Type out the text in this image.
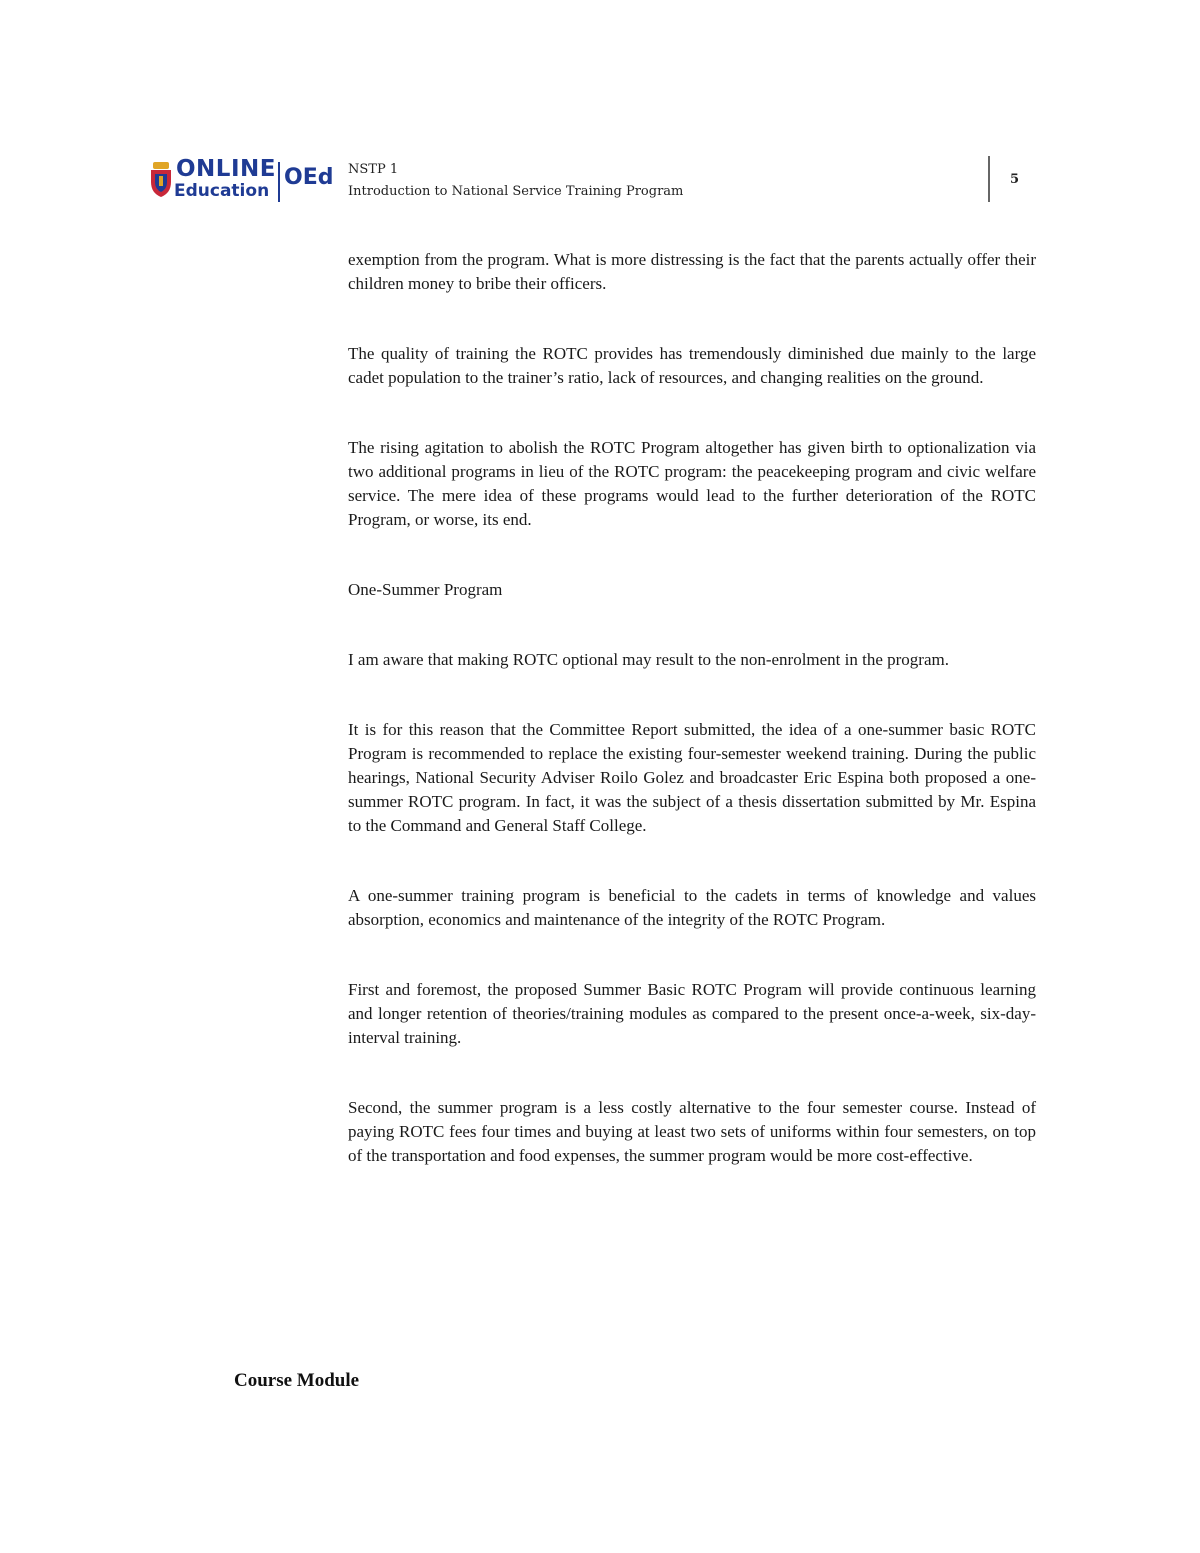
ONLINE
Education
OEd NSTP 1
Introduction to National Service Training Program
5

exemption from the program. What is more distressing is the fact that the parents actually offer their children money to bribe their officers.

The quality of training the ROTC provides has tremendously diminished due mainly to the large cadet population to the trainer’s ratio, lack of resources, and changing realities on the ground.

The rising agitation to abolish the ROTC Program altogether has given birth to optionalization via two additional programs in lieu of the ROTC program: the peacekeeping program and civic welfare service. The mere idea of these programs would lead to the further deterioration of the ROTC Program, or worse, its end.

One-Summer Program

I am aware that making ROTC optional may result to the non-enrolment in the program.

It is for this reason that the Committee Report submitted, the idea of a one-summer basic ROTC Program is recommended to replace the existing four-semester weekend training. During the public hearings, National Security Adviser Roilo Golez and broadcaster Eric Espina both proposed a one-summer ROTC program. In fact, it was the subject of a thesis dissertation submitted by Mr. Espina to the Command and General Staff College.

A one-summer training program is beneficial to the cadets in terms of knowledge and values absorption, economics and maintenance of the integrity of the ROTC Program.

First and foremost, the proposed Summer Basic ROTC Program will provide continuous learning and longer retention of theories/training modules as compared to the present once-a-week, six-day-interval training.

Second, the summer program is a less costly alternative to the four semester course. Instead of paying ROTC fees four times and buying at least two sets of uniforms within four semesters, on top of the transportation and food expenses, the summer program would be more cost-effective.

Course Module
